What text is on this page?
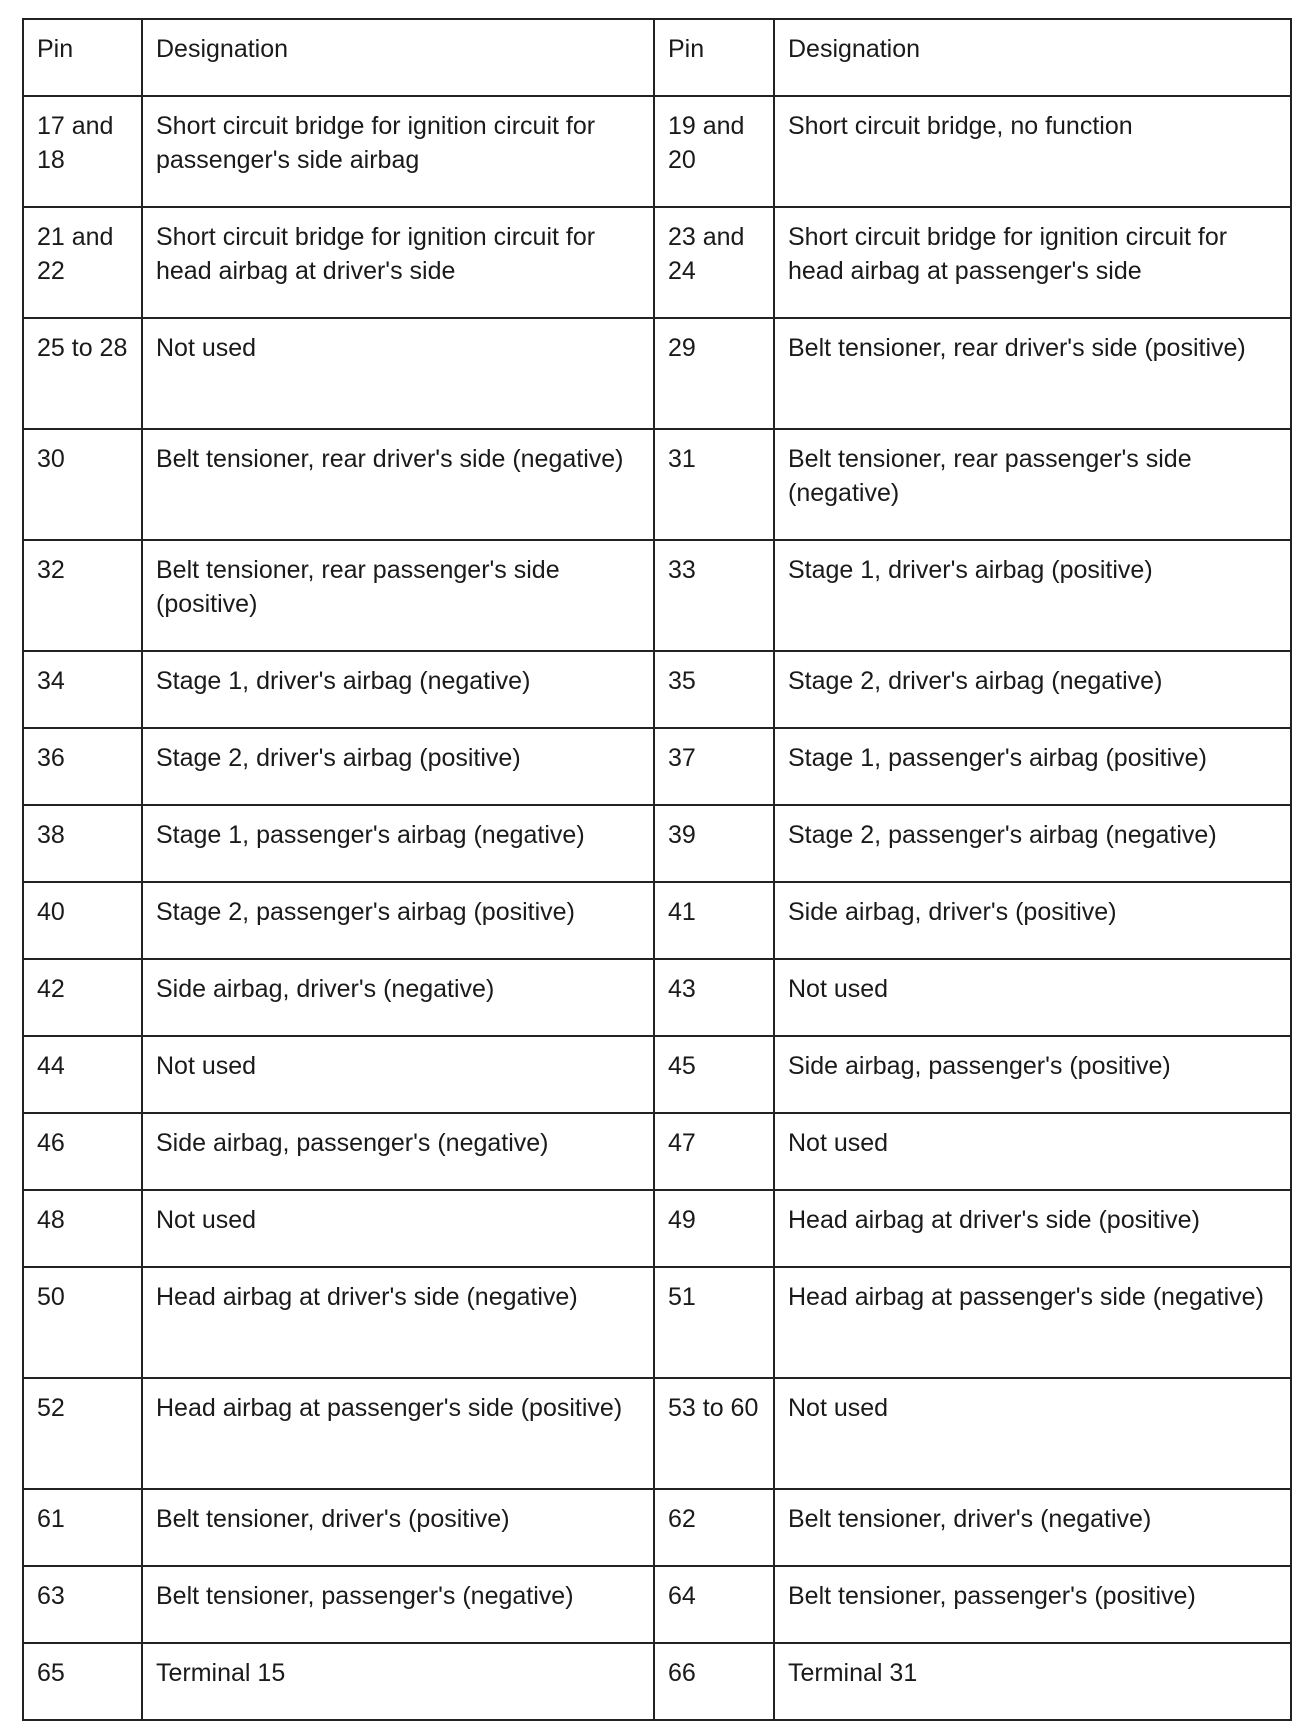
Pin	Designation	Pin	Designation
17 and 18	Short circuit bridge for ignition circuit for passenger's side airbag	19 and 20	Short circuit bridge, no function
21 and 22	Short circuit bridge for ignition circuit for head airbag at driver's side	23 and 24	Short circuit bridge for ignition circuit for head airbag at passenger's side
25 to 28	Not used	29	Belt tensioner, rear driver's side (positive)
30	Belt tensioner, rear driver's side (negative)	31	Belt tensioner, rear passenger's side (negative)
32	Belt tensioner, rear passenger's side (positive)	33	Stage 1, driver's airbag (positive)
34	Stage 1, driver's airbag (negative)	35	Stage 2, driver's airbag (negative)
36	Stage 2, driver's airbag (positive)	37	Stage 1, passenger's airbag (positive)
38	Stage 1, passenger's airbag (negative)	39	Stage 2, passenger's airbag (negative)
40	Stage 2, passenger's airbag (positive)	41	Side airbag, driver's (positive)
42	Side airbag, driver's (negative)	43	Not used
44	Not used	45	Side airbag, passenger's (positive)
46	Side airbag, passenger's (negative)	47	Not used
48	Not used	49	Head airbag at driver's side (positive)
50	Head airbag at driver's side (negative)	51	Head airbag at passenger's side (negative)
52	Head airbag at passenger's side (positive)	53 to 60	Not used
61	Belt tensioner, driver's (positive)	62	Belt tensioner, driver's (negative)
63	Belt tensioner, passenger's (negative)	64	Belt tensioner, passenger's (positive)
65	Terminal 15	66	Terminal 31
